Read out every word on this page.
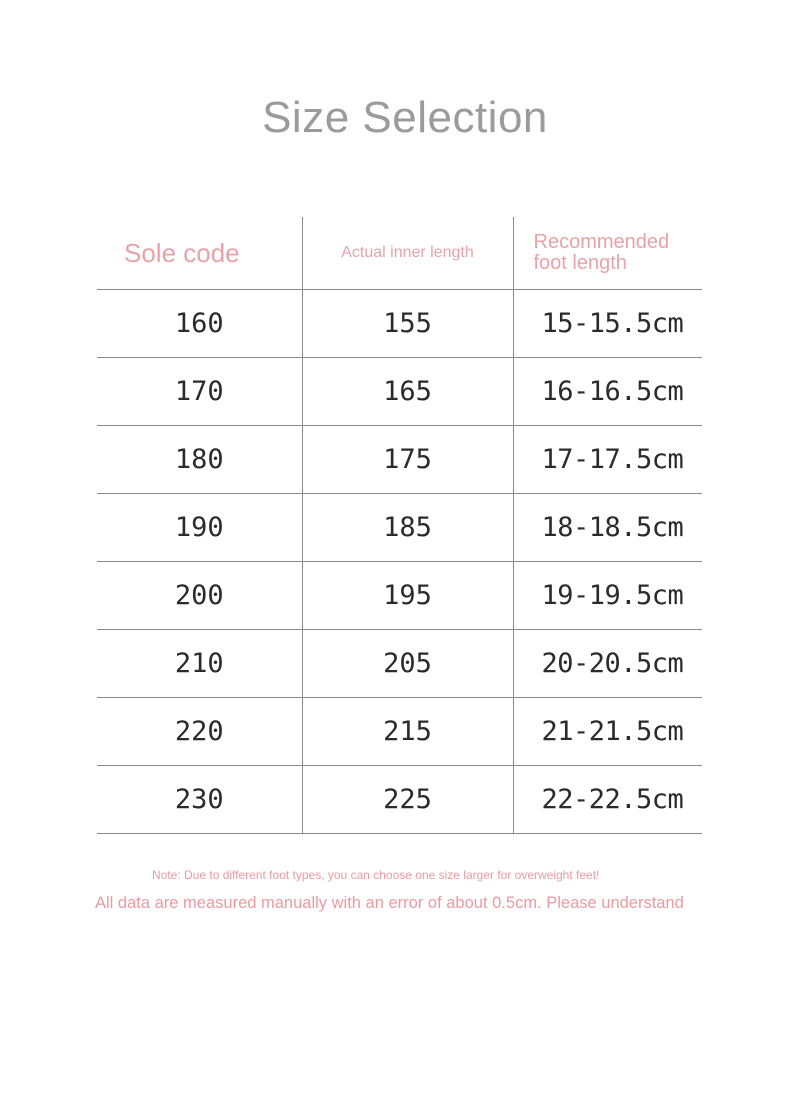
Size Selection
Sole code	Actual inner length	Recommended
foot length

160	155	15-15.5cm
170	165	16-16.5cm
180	175	17-17.5cm
190	185	18-18.5cm
200	195	19-19.5cm
210	205	20-20.5cm
220	215	21-21.5cm
230	225	22-22.5cm
Note: Due to different foot types, you can choose one size larger for overweight feet!
All data are measured manually with an error of about 0.5cm. Please understand
